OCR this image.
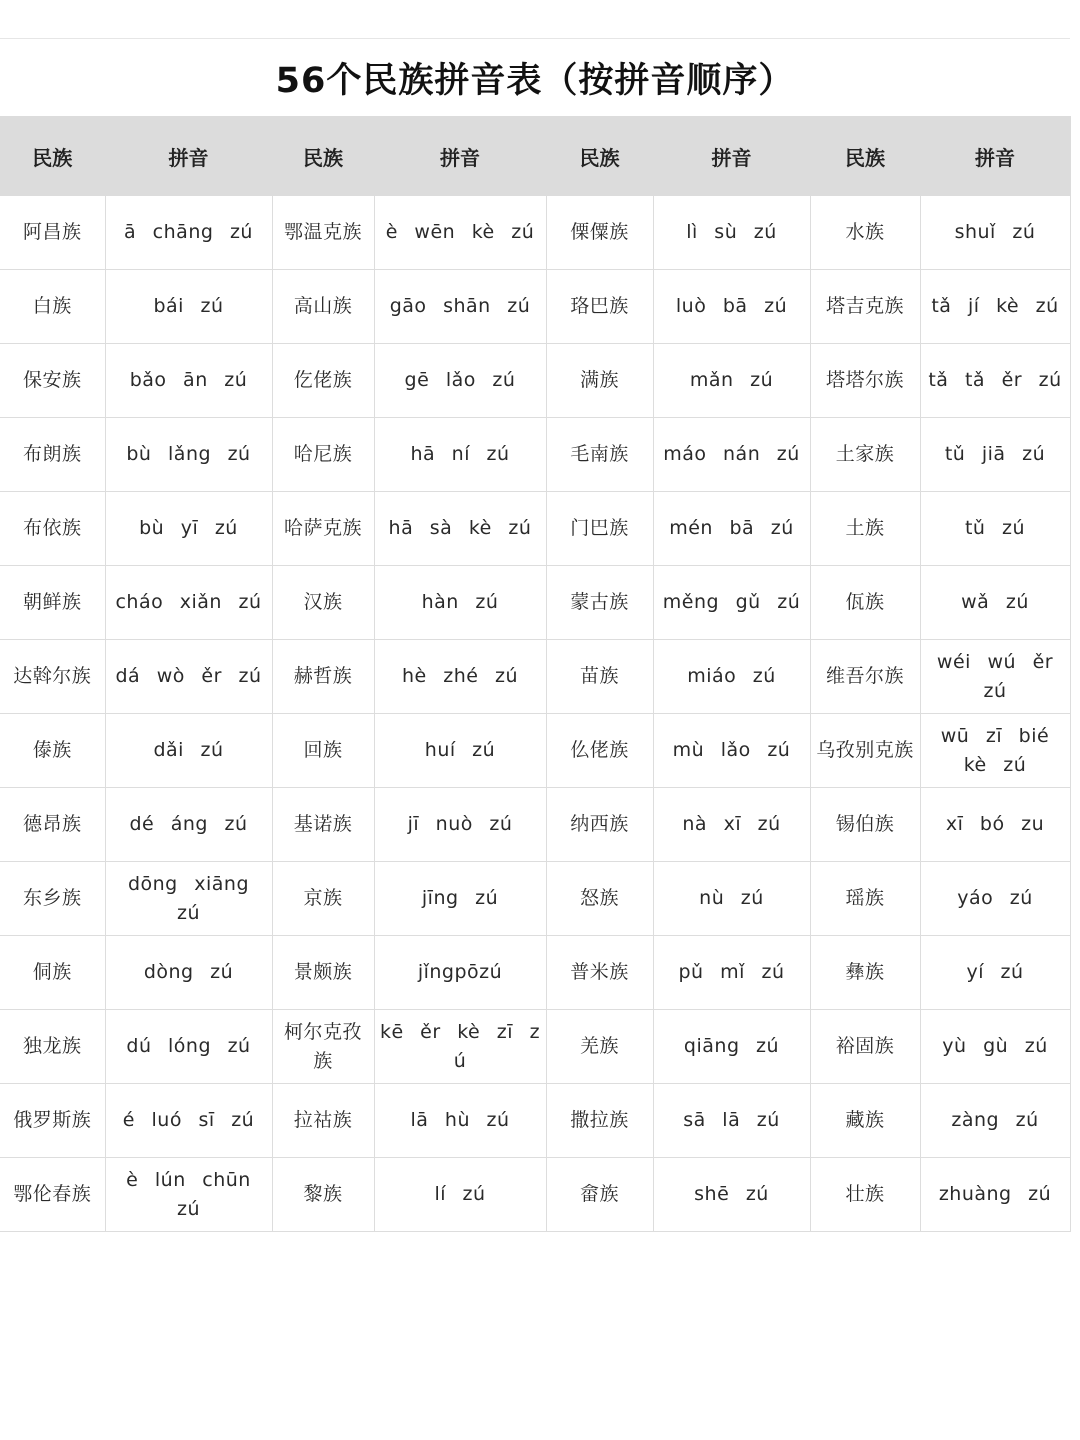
56个民族拼音表（按拼音顺序）
民族	拼音	民族	拼音	民族	拼音	民族	拼音
阿昌族	ā chāng zú	鄂温克族	è wēn kè zú	傈僳族	lì sù zú	水族	shuǐ zú
白族	bái zú	高山族	gāo shān zú	珞巴族	luò bā zú	塔吉克族	tǎ jí kè zú
保安族	bǎo ān zú	仡佬族	gē lǎo zú	满族	mǎn zú	塔塔尔族	tǎ tǎ ěr zú
布朗族	bù lǎng zú	哈尼族	hā ní zú	毛南族	máo nán zú	土家族	tǔ jiā zú
布依族	bù yī zú	哈萨克族	hā sà kè zú	门巴族	mén bā zú	土族	tǔ zú
朝鲜族	cháo xiǎn zú	汉族	hàn zú	蒙古族	měng gǔ zú	佤族	wǎ zú
达斡尔族	dá wò ěr zú	赫哲族	hè zhé zú	苗族	miáo zú	维吾尔族	wéi wú ěr zú
傣族	dǎi zú	回族	huí zú	仫佬族	mù lǎo zú	乌孜别克族	wū zī bié kè zú
德昂族	dé áng zú	基诺族	jī nuò zú	纳西族	nà xī zú	锡伯族	xī bó zu
东乡族	dōng xiāng zú	京族	jīng zú	怒族	nù zú	瑶族	yáo zú
侗族	dòng zú	景颇族	jǐngpōzú	普米族	pǔ mǐ zú	彝族	yí zú
独龙族	dú lóng zú	柯尔克孜族	kē ěr kè zī z ú	羌族	qiāng zú	裕固族	yù gù zú
俄罗斯族	é luó sī zú	拉祜族	lā hù zú	撒拉族	sā lā zú	藏族	zàng zú
鄂伦春族	è lún chūn zú	黎族	lí zú	畲族	shē zú	壮族	zhuàng zú
